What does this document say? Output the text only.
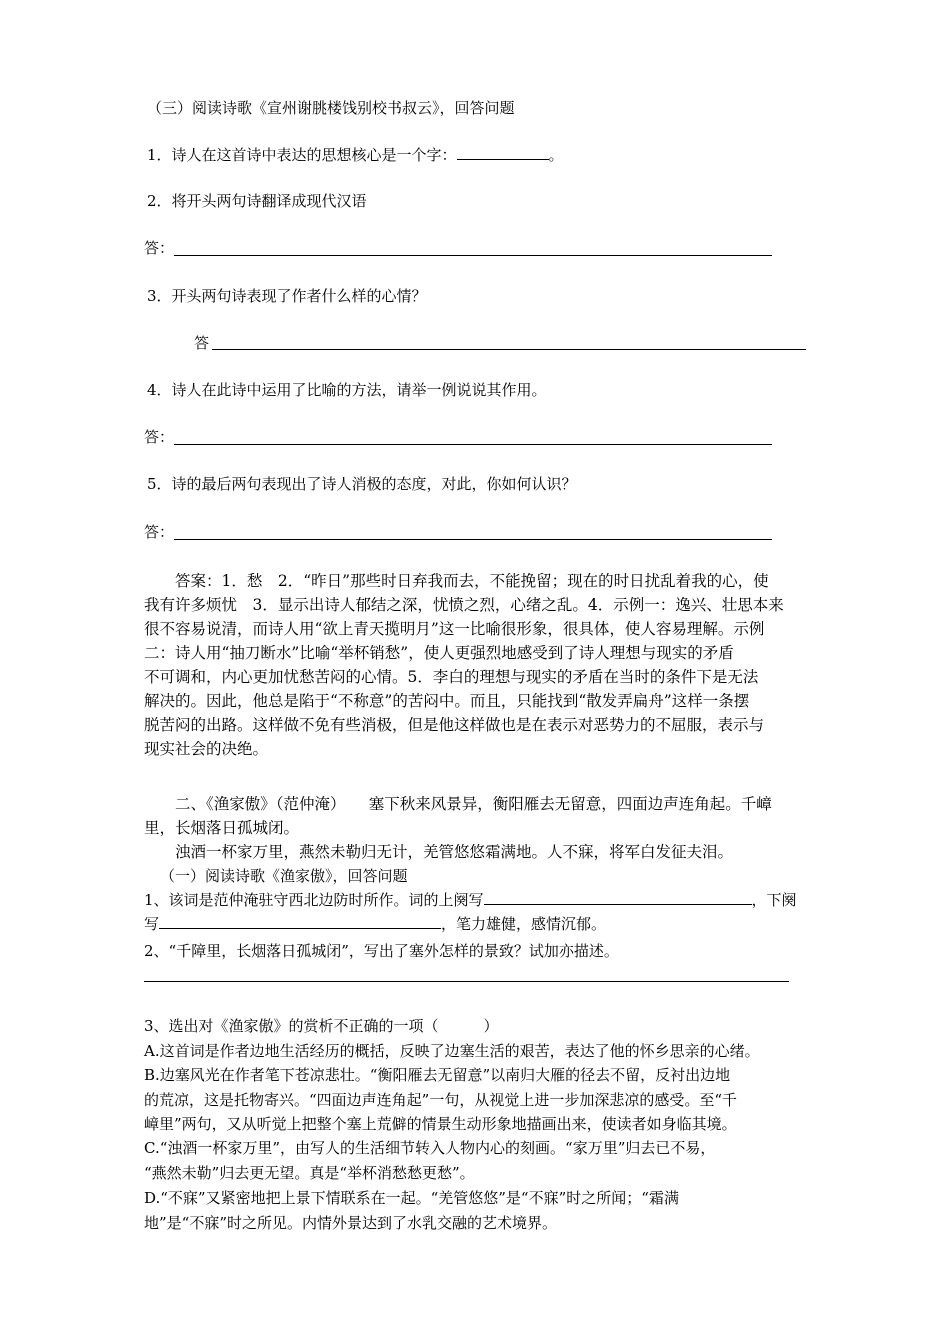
（三）阅读诗歌《宣州谢朓楼饯别校书叔云》，回答问题
1．诗人在这首诗中表达的思想核心是一个字：	。
2．将开头两句诗翻译成现代汉语
答：
3．开头两句诗表现了作者什么样的心情？
答
4．诗人在此诗中运用了比喻的方法，请举一例说说其作用。
答：
5．诗的最后两句表现出了诗人消极的态度，对此，你如何认识？
答：
答案：1．愁　2．“昨日”那些时日弃我而去，不能挽留；现在的时日扰乱着我的心，使
我有许多烦忧　3．显示出诗人郁结之深，忧愤之烈，心绪之乱。4．示例一：逸兴、壮思本来
很不容易说清，而诗人用“欲上青天揽明月”这一比喻很形象，很具体，使人容易理解。示例
二：诗人用“抽刀断水”比喻“举杯销愁”，使人更强烈地感受到了诗人理想与现实的矛盾
不可调和，内心更加忧愁苦闷的心情。5．李白的理想与现实的矛盾在当时的条件下是无法
解决的。因此，他总是陷于“不称意”的苦闷中。而且，只能找到“散发弄扁舟”这样一条摆
脱苦闷的出路。这样做不免有些消极，但是他这样做也是在表示对恶势力的不屈服，表示与
现实社会的决绝。
二、《渔家傲》（范仲淹）　　塞下秋来风景异，衡阳雁去无留意，四面边声连角起。千嶂
里，长烟落日孤城闭。
浊酒一杯家万里，燕然未勒归无计，羌管悠悠霜满地。人不寐，将军白发征夫泪。
（一）阅读诗歌《渔家傲》，回答问题
1、该词是范仲淹驻守西北边防时所作。词的上阕写	，下阕
写	，笔力雄健，感情沉郁。
2、“千障里，长烟落日孤城闭”，写出了塞外怎样的景致？试加亦描述。
3、选出对《渔家傲》的赏析不正确的一项（　　　）
A.这首词是作者边地生活经历的概括，反映了边塞生活的艰苦，表达了他的怀乡思亲的心绪。
B.边塞风光在作者笔下苍凉悲壮。“衡阳雁去无留意”以南归大雁的径去不留，反衬出边地
的荒凉，这是托物寄兴。“四面边声连角起”一句，从视觉上进一步加深悲凉的感受。至“千
嶂里”两句，又从听觉上把整个塞上荒僻的情景生动形象地描画出来，使读者如身临其境。
C.“浊酒一杯家万里”，由写人的生活细节转入人物内心的刻画。“家万里”归去已不易，
“燕然未勒”归去更无望。真是“举杯消愁愁更愁”。
D.“不寐”又紧密地把上景下情联系在一起。“羌管悠悠”是“不寐”时之所闻；“霜满
地”是“不寐”时之所见。内情外景达到了水乳交融的艺术境界。
